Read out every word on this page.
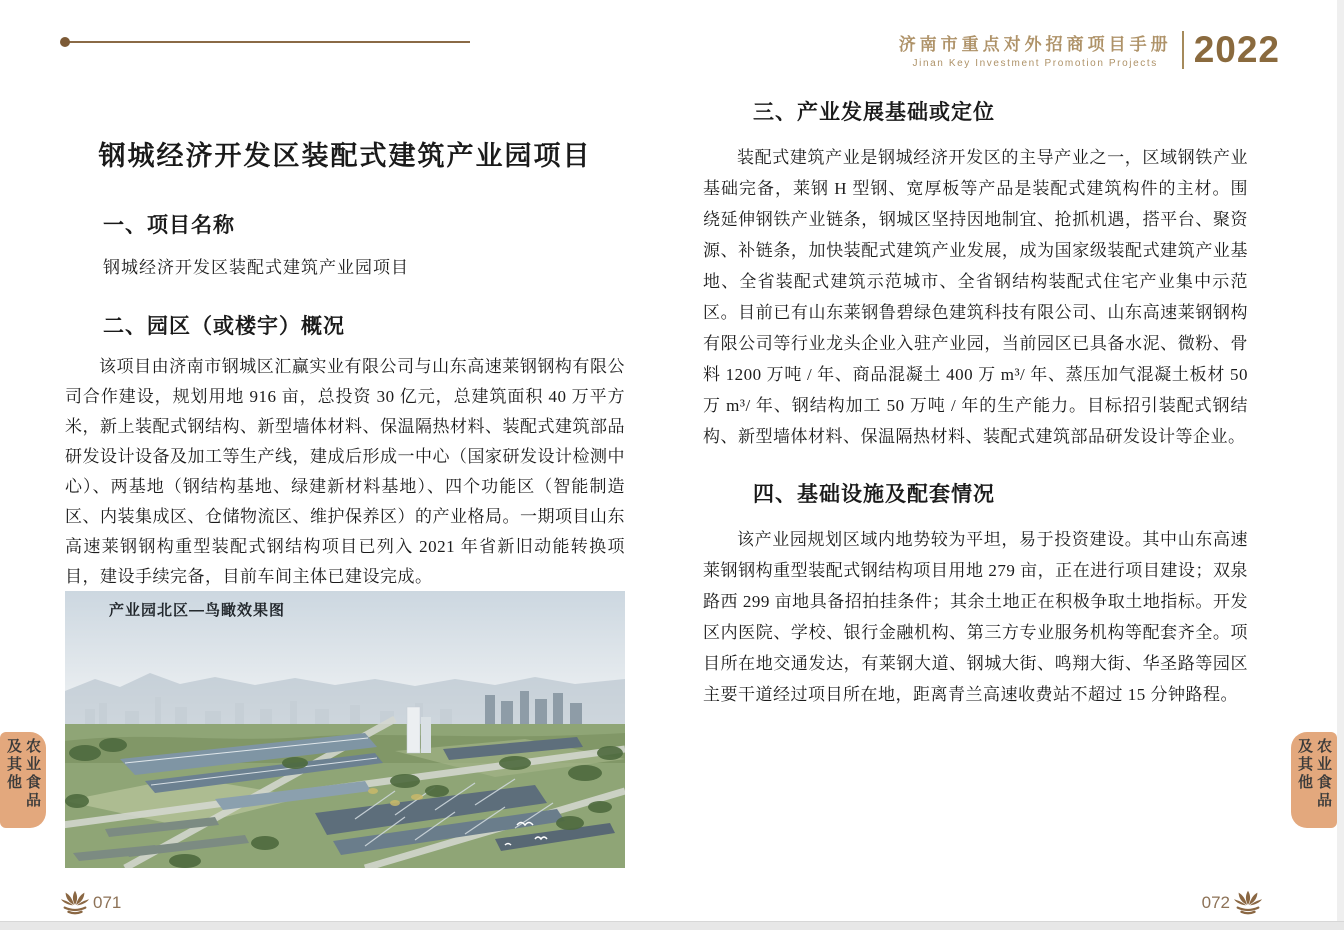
济南市重点对外招商项目手册
Jinan Key Investment Promotion Projects 2022
钢城经济开发区装配式建筑产业园项目
一、项目名称
钢城经济开发区装配式建筑产业园项目
二、园区（或楼宇）概况
该项目由济南市钢城区汇赢实业有限公司与山东高速莱钢钢构有限公司合作建设，规划用地 916 亩，总投资 30 亿元，总建筑面积 40 万平方米，新上装配式钢结构、新型墙体材料、保温隔热材料、装配式建筑部品研发设计设备及加工等生产线，建成后形成一中心（国家研发设计检测中心）、两基地（钢结构基地、绿建新材料基地）、四个功能区（智能制造区、内装集成区、仓储物流区、维护保养区）的产业格局。一期项目山东高速莱钢钢构重型装配式钢结构项目已列入 2021 年省新旧动能转换项目，建设手续完备，目前车间主体已建设完成。
产业园北区—鸟瞰效果图
三、产业发展基础或定位
装配式建筑产业是钢城经济开发区的主导产业之一，区域钢铁产业基础完备，莱钢 H 型钢、宽厚板等产品是装配式建筑构件的主材。围绕延伸钢铁产业链条，钢城区坚持因地制宜、抢抓机遇，搭平台、聚资源、补链条，加快装配式建筑产业发展，成为国家级装配式建筑产业基地、全省装配式建筑示范城市、全省钢结构装配式住宅产业集中示范区。目前已有山东莱钢鲁碧绿色建筑科技有限公司、山东高速莱钢钢构有限公司等行业龙头企业入驻产业园，当前园区已具备水泥、微粉、骨料 1200 万吨 / 年、商品混凝土 400 万 m³/ 年、蒸压加气混凝土板材 50 万 m³/ 年、钢结构加工 50 万吨 / 年的生产能力。目标招引装配式钢结构、新型墙体材料、保温隔热材料、装配式建筑部品研发设计等企业。
四、基础设施及配套情况
该产业园规划区域内地势较为平坦，易于投资建设。其中山东高速莱钢钢构重型装配式钢结构项目用地 279 亩，正在进行项目建设；双泉路西 299 亩地具备招拍挂条件；其余土地正在积极争取土地指标。开发区内医院、学校、银行金融机构、第三方专业服务机构等配套齐全。项目所在地交通发达，有莱钢大道、钢城大街、鸣翔大街、华圣路等园区主要干道经过项目所在地，距离青兰高速收费站不超过 15 分钟路程。
农业食品及其他	农业食品及其他
071	072
